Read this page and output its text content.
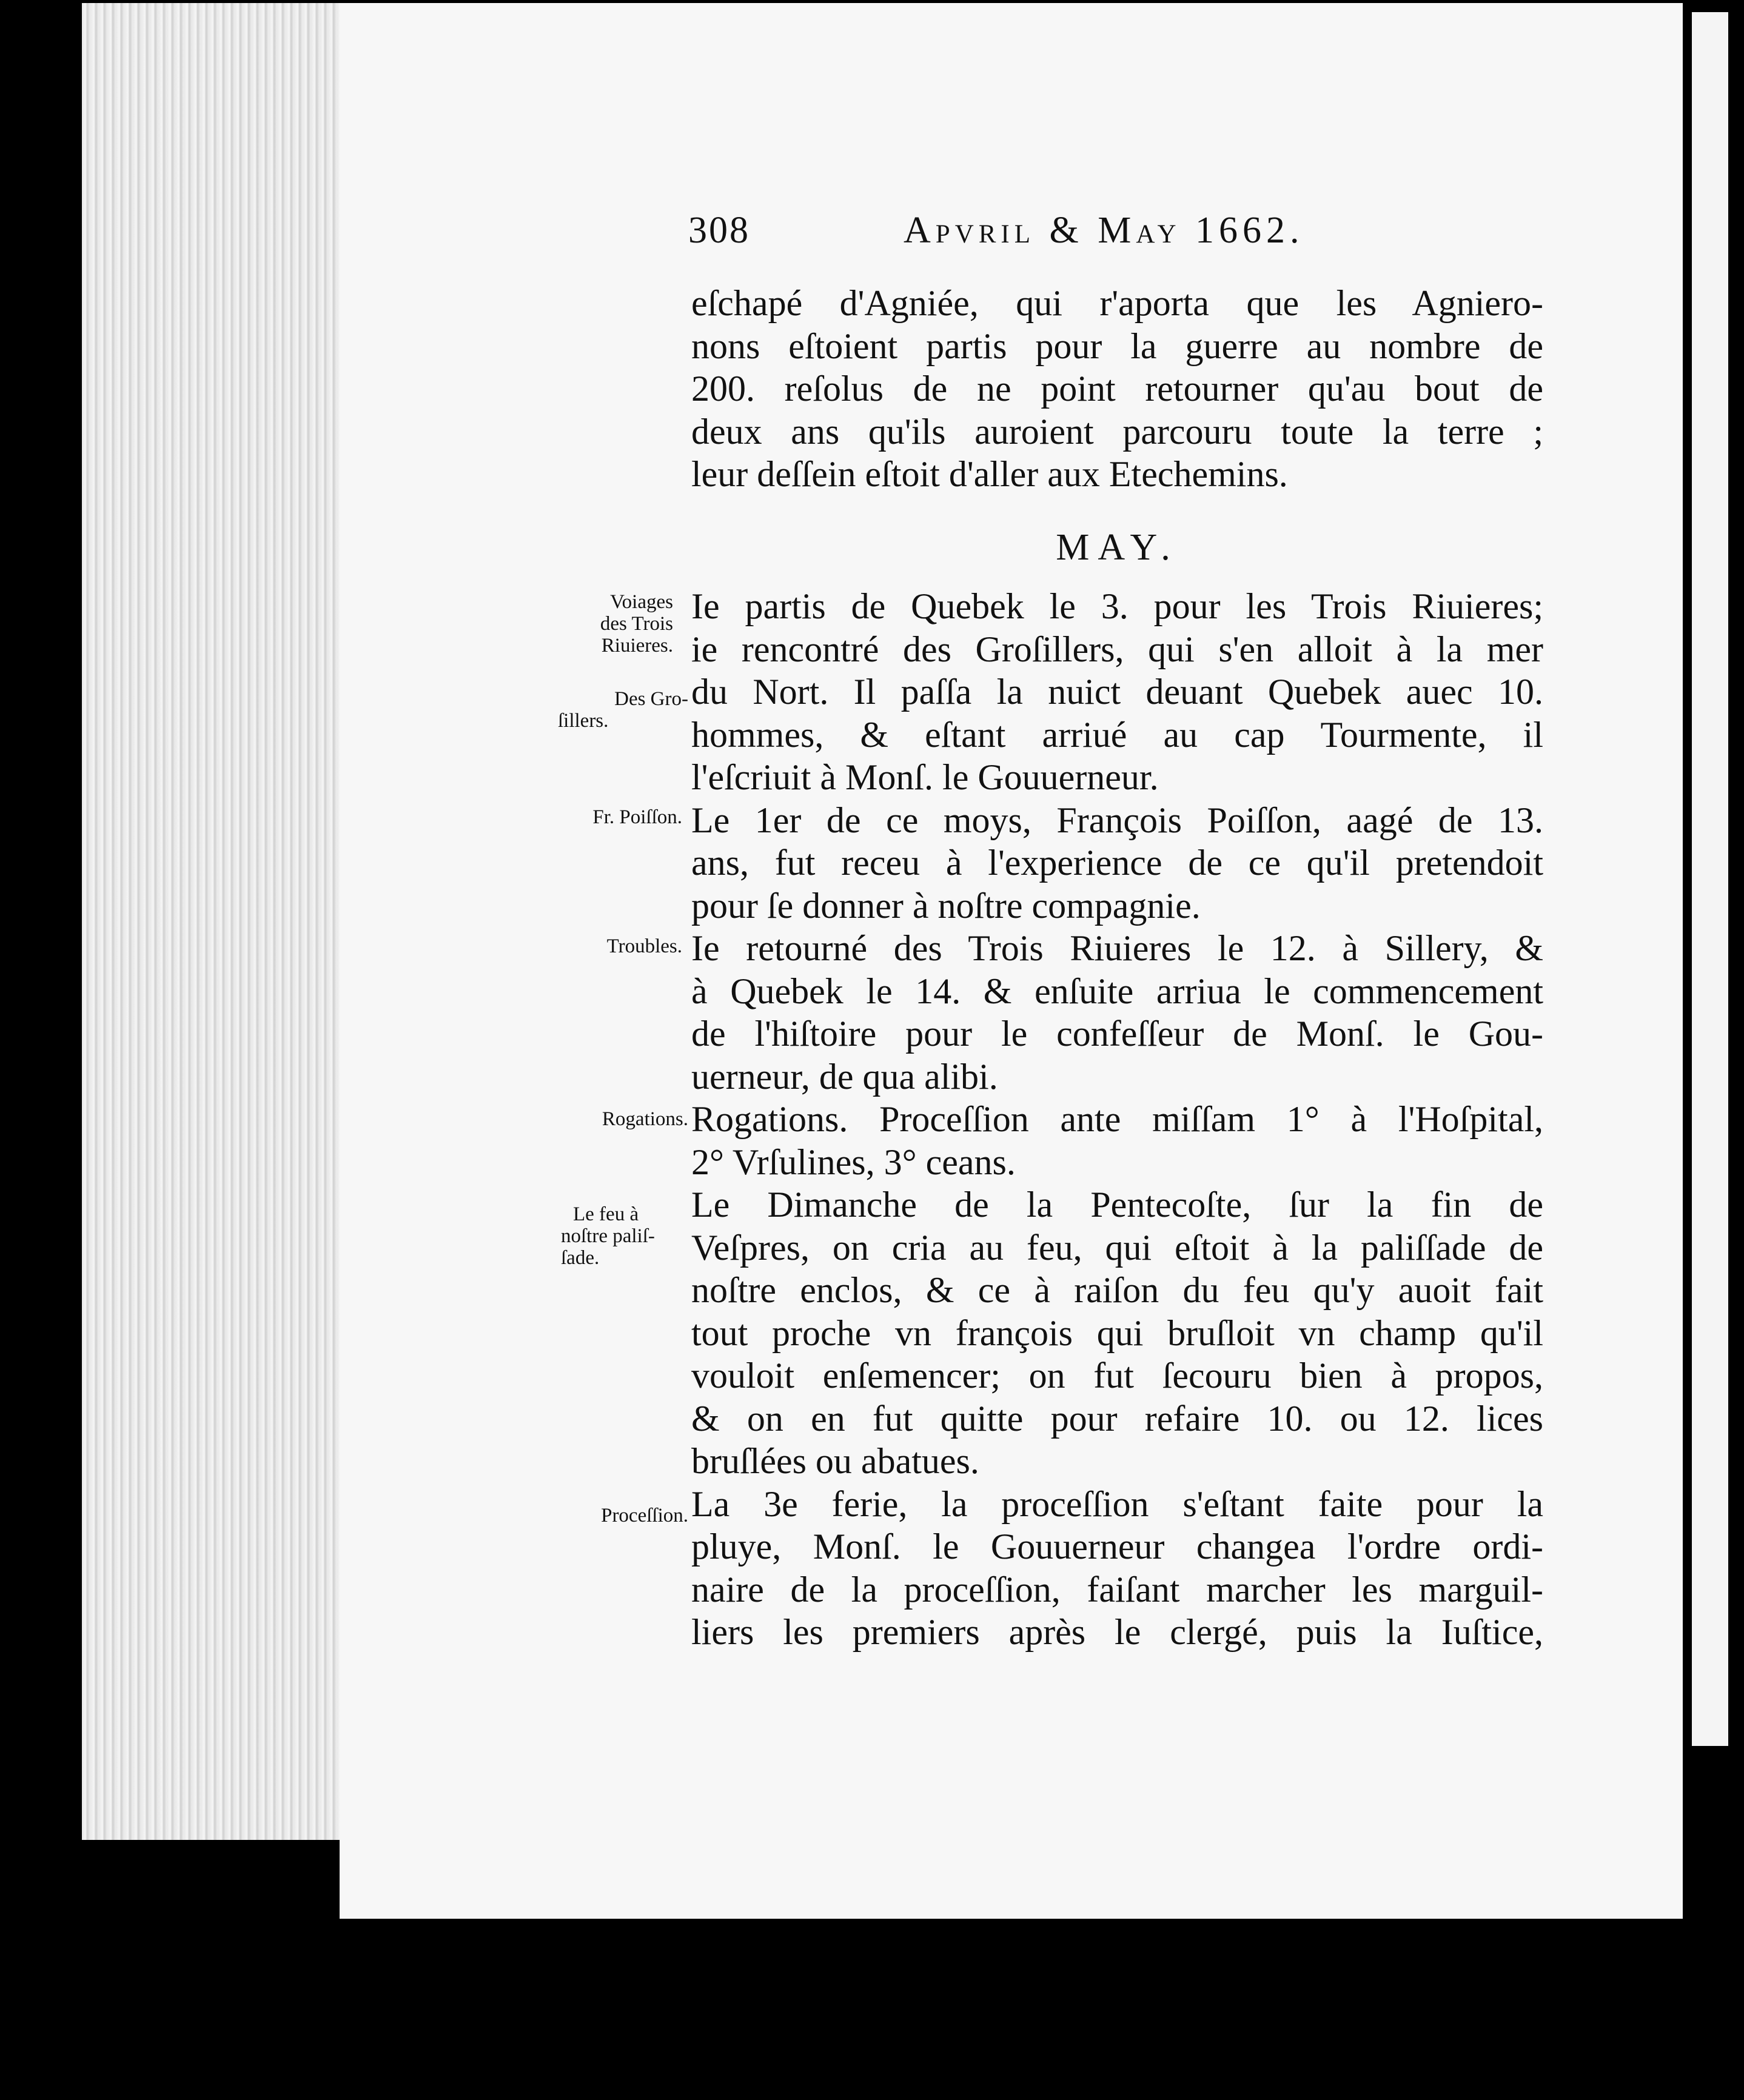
308	Apvril & May 1662.
eſchapé d'Agniée, qui r'aporta que les Agniero-
nons eſtoient partis pour la guerre au nombre de
200. reſolus de ne point retourner qu'au bout de
deux ans qu'ils auroient parcouru toute la terre ;
leur deſſein eſtoit d'aller aux Etechemins.
MAY.
Ie partis de Quebek le 3. pour les Trois Riuieres;
ie rencontré des Groſillers, qui s'en alloit à la mer
du Nort. Il paſſa la nuict deuant Quebek auec 10.
hommes, & eſtant arriué au cap Tourmente, il
l'eſcriuit à Monſ. le Gouuerneur.
Le 1er de ce moys, François Poiſſon, aagé de 13.
ans, fut receu à l'experience de ce qu'il pretendoit
pour ſe donner à noſtre compagnie.
Ie retourné des Trois Riuieres le 12. à Sillery, &
à Quebek le 14. & enſuite arriua le commencement
de l'hiſtoire pour le confeſſeur de Monſ. le Gou-
uerneur, de qua alibi.
Rogations. Proceſſion ante miſſam 1° à l'Hoſpital,
2° Vrſulines, 3° ceans.
Le Dimanche de la Pentecoſte, ſur la fin de
Veſpres, on cria au feu, qui eſtoit à la paliſſade de
noſtre enclos, & ce à raiſon du feu qu'y auoit fait
tout proche vn françois qui bruſloit vn champ qu'il
vouloit enſemencer; on fut ſecouru bien à propos,
& on en fut quitte pour refaire 10. ou 12. lices
bruſlées ou abatues.
La 3e ferie, la proceſſion s'eſtant faite pour la
pluye, Monſ. le Gouuerneur changea l'ordre ordi-
naire de la proceſſion, faiſant marcher les marguil-
liers les premiers après le clergé, puis la Iuſtice,
Voiages
des Trois
Riuieres.
Des Gro-
ſillers.
Fr. Poiſſon.
Troubles.
Rogations.
Le feu à
noſtre paliſ-
ſade.
Proceſſion.
